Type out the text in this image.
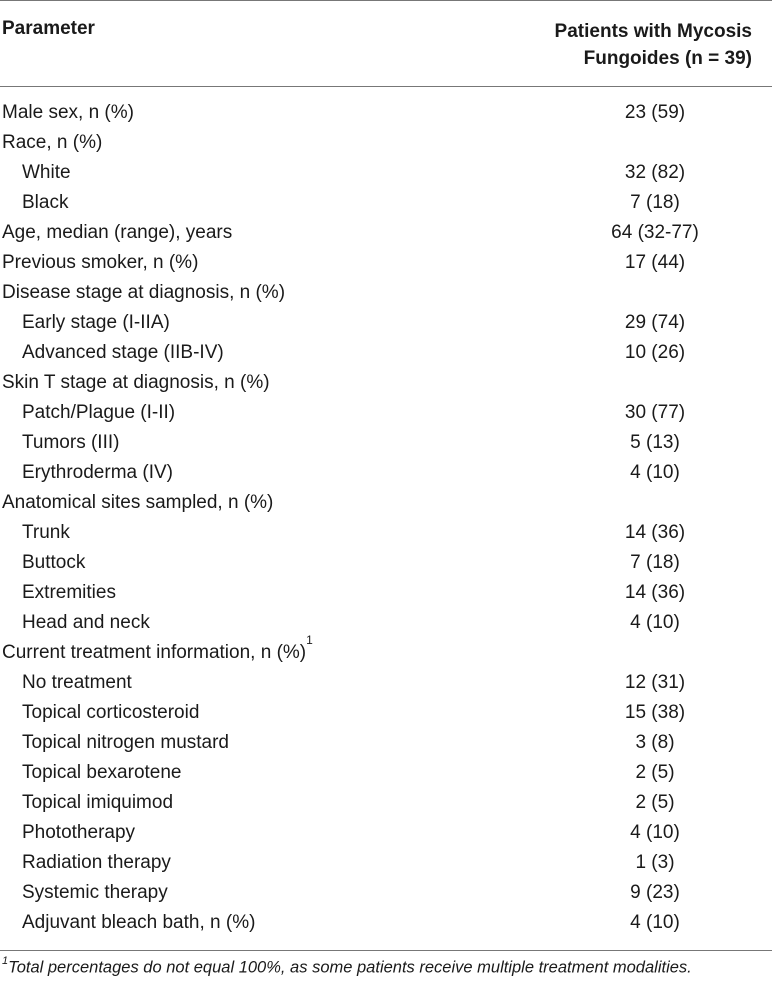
Parameter	Patients with Mycosis
Fungoides (n = 39)
Male sex, n (%)	23 (59)
Race, n (%)
White	32 (82)
Black	7 (18)
Age, median (range), years	64 (32-77)
Previous smoker, n (%)	17 (44)
Disease stage at diagnosis, n (%)
Early stage (I-IIA)	29 (74)
Advanced stage (IIB-IV)	10 (26)
Skin T stage at diagnosis, n (%)
Patch/Plague (I-II)	30 (77)
Tumors (III)	5 (13)
Erythroderma (IV)	4 (10)
Anatomical sites sampled, n (%)
Trunk	14 (36)
Buttock	7 (18)
Extremities	14 (36)
Head and neck	4 (10)
Current treatment information, n (%)$^1$
No treatment	12 (31)
Topical corticosteroid	15 (38)
Topical nitrogen mustard	3 (8)
Topical bexarotene	2 (5)
Topical imiquimod	2 (5)
Phototherapy	4 (10)
Radiation therapy	1 (3)
Systemic therapy	9 (23)
Adjuvant bleach bath, n (%)	4 (10)
$^1$Total percentages do not equal 100%, as some patients receive multiple treatment modalities.
